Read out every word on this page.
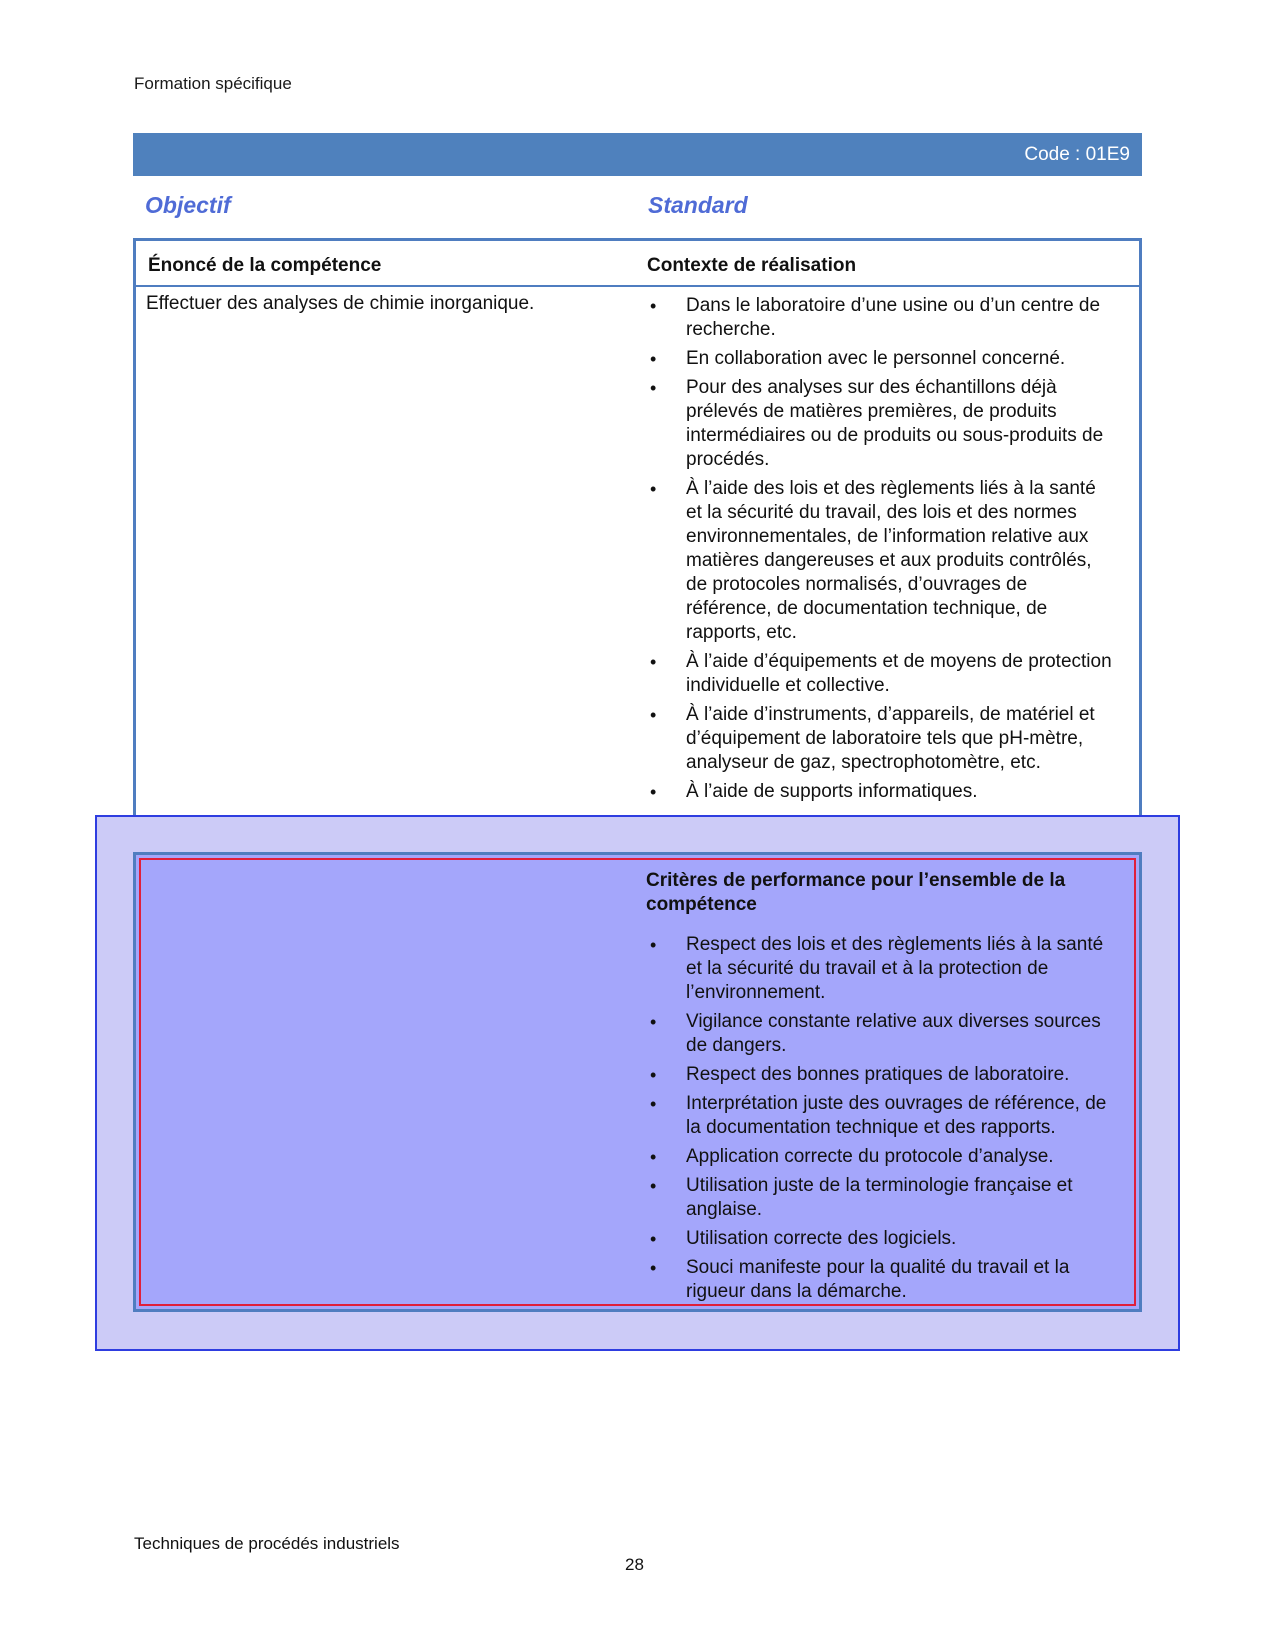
Formation spécifique
Code : 01E9
Objectif	Standard
Énoncé de la compétence	Contexte de réalisation
Effectuer des analyses de chimie inorganique.
•	Dans le laboratoire d’une usine ou d’un centre de recherche.
• En collaboration avec le personnel concerné.
• Pour des analyses sur des échantillons déjà prélevés de matières premières, de produits intermédiaires ou de produits ou sous-produits de procédés.
• À l’aide des lois et des règlements liés à la santé et la sécurité du travail, des lois et des normes environnementales, de l’information relative aux matières dangereuses et aux produits contrôlés, de protocoles normalisés, d’ouvrages de référence, de documentation technique, de rapports, etc.
• À l’aide d’équipements et de moyens de protection individuelle et collective.
• À l’aide d’instruments, d’appareils, de matériel et d’équipement de laboratoire tels que pH-mètre, analyseur de gaz, spectrophotomètre, etc.
• À l’aide de supports informatiques.
Critères de performance pour l’ensemble de la compétence
• Respect des lois et des règlements liés à la santé et la sécurité du travail et à la protection de l’environnement.
• Vigilance constante relative aux diverses sources de dangers.
• Respect des bonnes pratiques de laboratoire.
• Interprétation juste des ouvrages de référence, de la documentation technique et des rapports.
• Application correcte du protocole d’analyse.
• Utilisation juste de la terminologie française et anglaise.
• Utilisation correcte des logiciels.
• Souci manifeste pour la qualité du travail et la rigueur dans la démarche.
Techniques de procédés industriels
28
